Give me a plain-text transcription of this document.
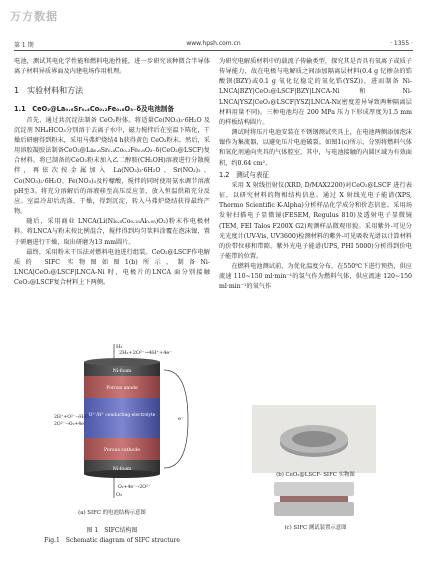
万方数据
第 1 期	www.hpsh.com.cn	· 1355 ·

电池，测试其电化学性能和燃料电池性能，进一步研究该种微合半导体离子材料异质界面及内建电场作用机理。

1　实验材料和方法
1.1　CeO₂@La₀.₆Sr₀.₄Co₀.₂Fe₀.₈O₃₋δ及电池制备

首先，通过共沉淀法制备 CeO₂粉体。将适量Ce(NO₃)₃·6H₂O 及沉淀剂 NH₄HCO₃分别溶于去离子水中，磁力搅拌后在室温下陈化，干燥后研磨得到粉末，采用马弗炉烧结4 h获得黄色 CeO₂粉末。然后，采用溶胶凝胶法制备CeO₂@La₀.₆Sr₀.₄Co₀.₂Fe₀.₈O₃₋δ(CeO₂@LSCF)复合材料。将已制备的CeO₂粉末加入乙二醇胺(CH₂OH)溶液进行分散搅拌，再依次按金属加入 La(NO₃)₃·6H₂O、Sr(NO₃)₂、Co(NO₃)₂·6H₂O、Fe(NO₃)₃及柠檬酸，搅拌的同时使用氨水调节溶液pH至3。将充分溶解后的溶液移至高压反应釜，放入恒温烘箱充分反应。室温冷却后洗涤、干燥，得到沉淀，转入马弗炉烧结获得最终产物。

随后，采用商业 LNCA(Li(Ni₀.₈Co₀.₁₅Al₀.₀₅)O₂)粉末作电极材料。将LNCA与粉末按比例混合，搅拌得到均匀浆料涂覆在泡沫镍，置于研磨进行干燥，取出研磨为13 mm圆片。

最终，采用粉末干压法对燃料电池进行组装。CeO₂@LSCF作电解质的 SIFC 实物图如图1(b)所示，制备Ni-LNCA|CeO₂@LSCF|LNCA-Ni 时，电极片的LNCA 面分别接触CeO₂@LSCF复合材料上下两侧。

2H₂+2O²⁻→4H⁺+4e⁻
H₂
Ni-foam
Porous anode
O²⁻/H⁺ conducting electrolyte
Porous cathode
Ni-foam
e⁻
2H⁺+O²⁻→H₂O
2O²⁻→O₂+4e⁻
O₂
O₂+4e⁻→2O²⁻
(a) SIFC 的电池结构示意图
图 1　SIFC结构图
Fig.1　Schematic diagram of SIFC structure

为研究电解质材料中的载流子传输类型，探究其是否具有氧离子或质子传导能力，故在电极与电解质之间添加隔离层材料(0.4 g 钇掺杂的锆酸钡(BZY)或0.1 g 氧化钇稳定的氧化锆(YSZ))，进而制备 Ni-LNCA|BZY|CeO₂@LSCF|BZY|LNCA-Ni 和 Ni-LNCA|YSZ|CeO₂@LSCF|YSZ|LNCA-Ni(密度差异导致两种隔离层材料用量不同)。三种电池均在 200 MPa 压力下形成厚度为1.5 mm的样板结构圆片。

测试时将压片电池安装在不锈钢测试夹具上，在电池两侧添加泡沫镍作为集流器，以避免压片电池破裂。如图1(c)所示，分别将燃料气体和氧化剂通向夹具的气体腔室，其中，与电池接触的内圆区域为有效面积，约0.64 cm²。

1.2　测试与表征

采用 X 射线衍射仪(XRD, D/MAX2200)对CeO₂@LSCF 进行表征，以研究材料的物相结构信息。通过 X 射线光电子能谱(XPS, Thermo Scientific K-Alpha)分析样品化学成分和价态信息。采用场发射扫描电子显微镜(FESEM, Regulus 810)及透射电子显微镜(TEM, FEI Talos F200X G2)观测样品微观形貌。采用紫外-可见分光光度计(UV-Vis, UV3600)检测材料的紫外-可见吸收光谱以计算材料的价带位移和带隙。紫外光电子能谱(UPS, PHI 5000)分析得到价电子能带的位置。

在燃料电池测试前，为优化温度分布，在550℃下进行预热，供应流速 110~150 ml·min⁻¹的氢气作为燃料气体，供应流速 120~150 ml·min⁻¹的氧气作

(b) CeO₂@LSCF- SIFC 实物图
(c) SIFC 测试装置示意图
